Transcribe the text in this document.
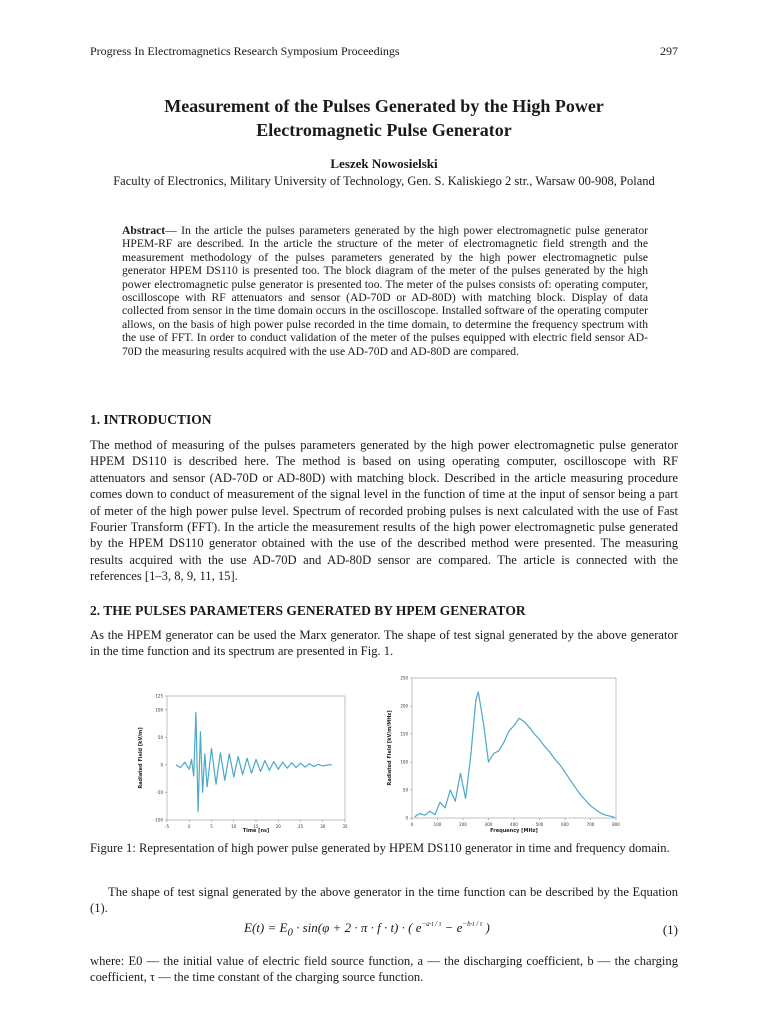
Progress In Electromagnetics Research Symposium Proceedings	297
Measurement of the Pulses Generated by the High Power
Electromagnetic Pulse Generator
Leszek Nowosielski
Faculty of Electronics, Military University of Technology, Gen. S. Kaliskiego 2 str., Warsaw 00-908, Poland
Abstract— In the article the pulses parameters generated by the high power electromagnetic pulse generator HPEM-RF are described. In the article the structure of the meter of electromagnetic field strength and the measurement methodology of the pulses parameters generated by the high power electromagnetic pulse generator HPEM DS110 is presented too. The block diagram of the meter of the pulses generated by the high power electromagnetic pulse generator is presented too. The meter of the pulses consists of: operating computer, oscilloscope with RF attenuators and sensor (AD-70D or AD-80D) with matching block. Display of data collected from sensor in the time domain occurs in the oscilloscope. Installed software of the operating computer allows, on the basis of high power pulse recorded in the time domain, to determine the frequency spectrum with the use of FFT. In order to conduct validation of the meter of the pulses equipped with electric field sensor AD-70D the measuring results acquired with the use AD-70D and AD-80D are compared.
1. INTRODUCTION
The method of measuring of the pulses parameters generated by the high power electromagnetic pulse generator HPEM DS110 is described here. The method is based on using operating computer, oscilloscope with RF attenuators and sensor (AD-70D or AD-80D) with matching block. Described in the article measuring procedure comes down to conduct of measurement of the signal level in the function of time at the input of sensor being a part of meter of the high power pulse level. Spectrum of recorded probing pulses is next calculated with the use of Fast Fourier Transform (FFT). In the article the measurement results of the high power electromagnetic pulse generated by the HPEM DS110 generator obtained with the use of the described method were presented. The measuring results acquired with the use AD-70D and AD-80D sensor are compared. The article is connected with the references [1–3, 8, 9, 11, 15].
2. THE PULSES PARAMETERS GENERATED BY HPEM GENERATOR
As the HPEM generator can be used the Marx generator. The shape of test signal generated by the above generator in the time function and its spectrum are presented in Fig. 1.
-5	0	5	10	15	20	25	30	35
-100
-50
0
50
100
125
Time [ns]
Radiated Field [kV/m]
0	100	200	300	400	500	600	700	800
0
50
100
150
200
250
Frequency [MHz]
Radiated Field [kV/m/MHz]
Figure 1: Representation of high power pulse generated by HPEM DS110 generator in time and frequency domain.
The shape of test signal generated by the above generator in the time function can be described by the Equation (1).
$E(t) = E_0 \cdot \sin(\varphi + 2 \cdot \pi \cdot f \cdot t)$ · ( $e^{-a\cdot t / \tau} - e^{-b\cdot t / \tau}$ )	(1)
where: E0 — the initial value of electric field source function, a — the discharging coefficient, b — the charging coefficient, τ — the time constant of the charging source function.
